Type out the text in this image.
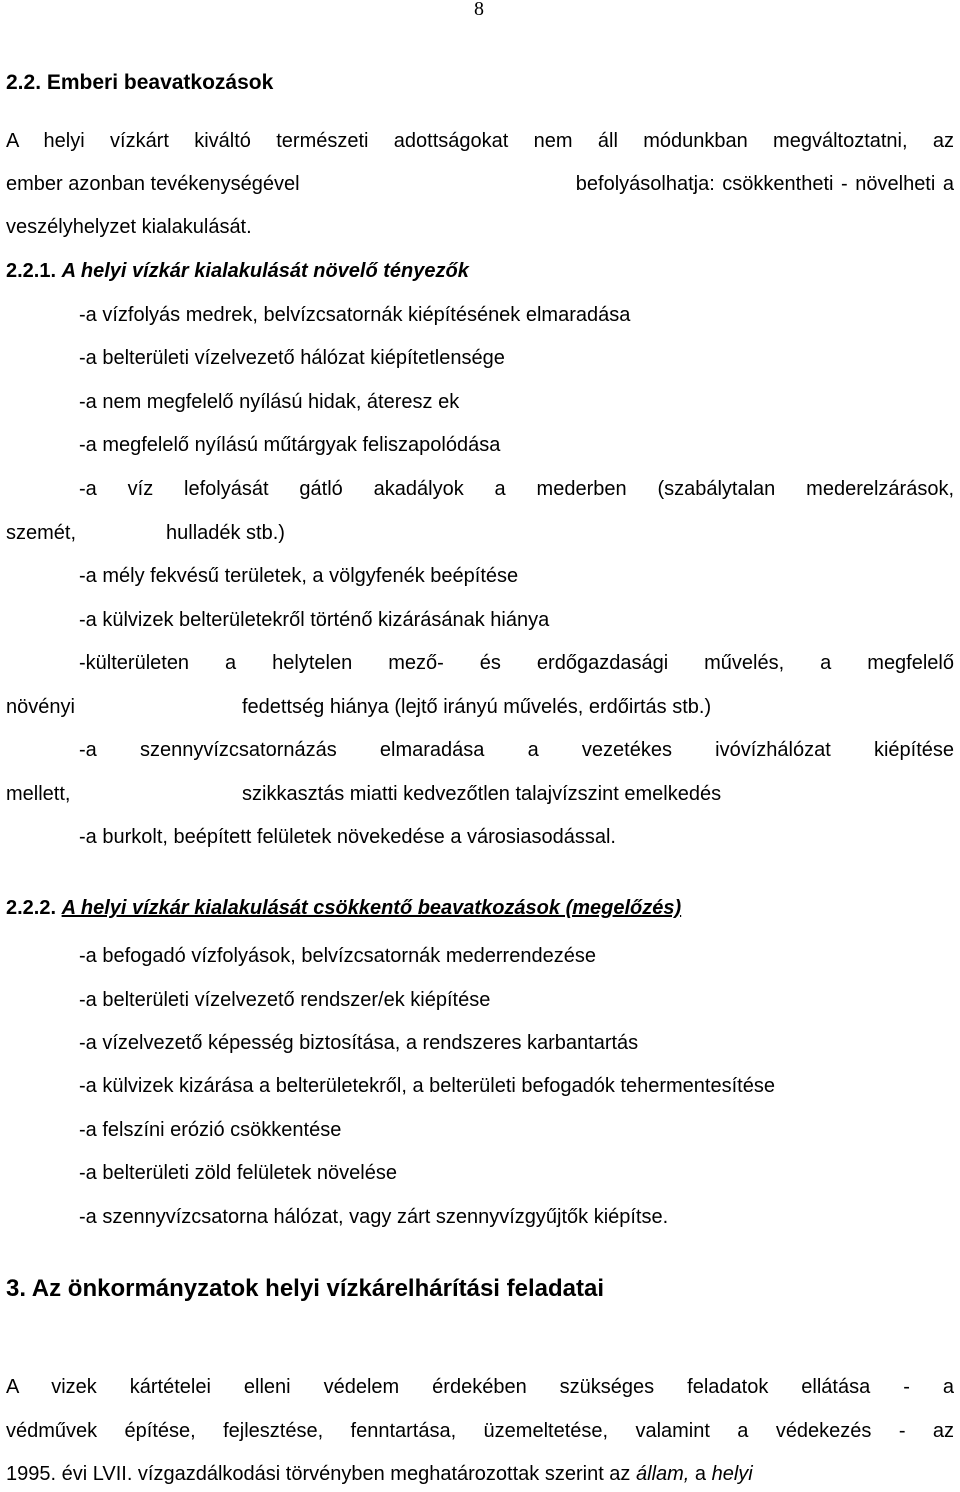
8
2.2. Emberi beavatkozások
A helyi vízkárt kiváltó természeti adottságokat nem áll módunkban megváltoztatni, az
ember azonban tevékenységével	befolyásolhatja: csökkentheti - növelheti a
veszélyhelyzet kialakulását.
2.2.1. A helyi vízkár kialakulását növelő tényezők
-a vízfolyás medrek, belvízcsatornák kiépítésének elmaradása
-a belterületi vízelvezető hálózat kiépítetlensége
-a nem megfelelő nyílású hidak, áteresz ek
-a megfelelő nyílású műtárgyak feliszapolódása
-a víz lefolyását gátló akadályok a mederben (szabálytalan mederelzárások,
szemét,	hulladék stb.)
-a mély fekvésű területek, a völgyfenék beépítése
-a külvizek belterületekről történő kizárásának hiánya
-külterületen a helytelen mező- és erdőgazdasági művelés, a megfelelő
növényi	fedettség hiánya (lejtő irányú művelés, erdőirtás stb.)
-a szennyvízcsatornázás elmaradása a vezetékes ivóvízhálózat kiépítése
mellett,	szikkasztás miatti kedvezőtlen talajvízszint emelkedés
-a burkolt, beépített felületek növekedése a városiasodással.
2.2.2. A helyi vízkár kialakulását csökkentő beavatkozások (megelőzés)
-a befogadó vízfolyások, belvízcsatornák mederrendezése
-a belterületi vízelvezető rendszer/ek kiépítése
-a vízelvezető képesség biztosítása, a rendszeres karbantartás
-a külvizek kizárása a belterületekről, a belterületi befogadók tehermentesítése
-a felszíni erózió csökkentése
-a belterületi zöld felületek növelése
-a szennyvízcsatorna hálózat, vagy zárt szennyvízgyűjtők kiépítse.
3. Az önkormányzatok helyi vízkárelhárítási feladatai
A vizek kártételei elleni védelem érdekében szükséges feladatok ellátása - a
védművek építése, fejlesztése, fenntartása, üzemeltetése, valamint a védekezés - az
1995. évi LVII. vízgazdálkodási törvényben meghatározottak szerint az állam, a helyi
